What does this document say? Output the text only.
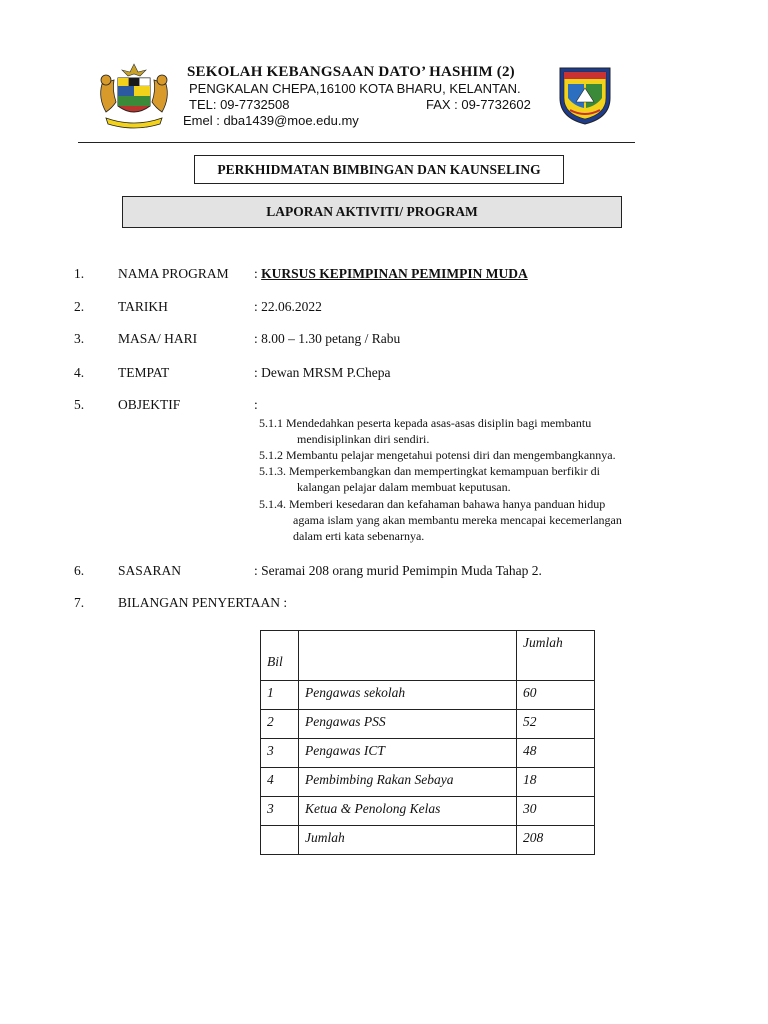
SEKOLAH KEBANGSAAN DATO’ HASHIM (2)
PENGKALAN CHEPA,16100 KOTA BHARU, KELANTAN.
TEL: 09-7732508	FAX : 09-7732602
Emel : dba1439@moe.edu.my
PERKHIDMATAN BIMBINGAN DAN KAUNSELING
LAPORAN AKTIVITI/ PROGRAM
1.	NAMA PROGRAM : KURSUS KEPIMPINAN PEMIMPIN MUDA
2.	TARIKH	: 22.06.2022
3.	MASA/ HARI	: 8.00 – 1.30 petang / Rabu
4.	TEMPAT	: Dewan MRSM P.Chepa
5.	OBJEKTIF	:
5.1.1 Mendedahkan peserta kepada asas-asas disiplin bagi membantu
mendisiplinkan diri sendiri.
5.1.2 Membantu pelajar mengetahui potensi diri dan mengembangkannya.
5.1.3. Memperkembangkan dan mempertingkat kemampuan berfikir di
kalangan pelajar dalam membuat keputusan.
5.1.4. Memberi kesedaran dan kefahaman bahawa hanya panduan hidup
agama islam yang akan membantu mereka mencapai kecemerlangan
dalam erti kata sebenarnya.
6.	SASARAN	: Seramai 208 orang murid Pemimpin Muda Tahap 2.
7.	BILANGAN PENYERTAAN :
Bil		Jumlah
1	Pengawas sekolah	60
2	Pengawas PSS	52
3	Pengawas ICT	48
4	Pembimbing Rakan Sebaya	18
3	Ketua & Penolong Kelas	30
	Jumlah	208
